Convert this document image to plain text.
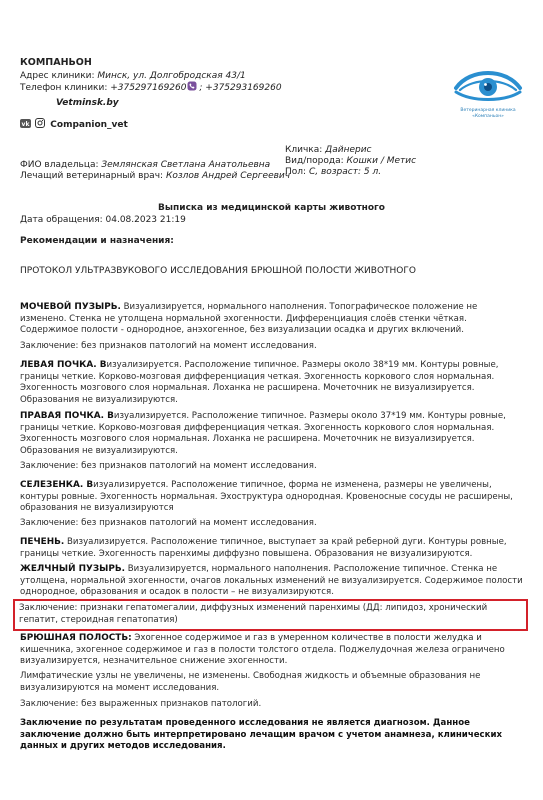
КОМПАНЬОН
Адрес клиники: Минск, ул. Долгобродская 43/1
Телефон клиники: +375297169260 ; +375293169260
Vetminsk.by
vk Companion_vet
Ветеринарная клиника
«Компаньон»
Кличка: Дайнерис
Вид/порода: Кошки / Метис
Пол: С, возраст: 5 л.
ФИО владельца: Землянская Светлана Анатольевна
Лечащий ветеринарный врач: Козлов Андрей Сергеевич
Выписка из медицинской карты животного
Дата обращения: 04.08.2023 21:19
Рекомендации и назначения:
ПРОТОКОЛ УЛЬТРАЗВУКОВОГО ИССЛЕДОВАНИЯ БРЮШНОЙ ПОЛОСТИ ЖИВОТНОГО
МОЧЕВОЙ ПУЗЫРЬ. Визуализируется, нормального наполнения. Топографическое положение не изменено. Стенка не утолщена нормальной эхогенности. Дифференциация слоёв стенки чёткая. Содержимое полости - однородное, анэхогенное, без визуализации осадка и других включений.
Заключение: без признаков патологий на момент исследования.
ЛЕВАЯ ПОЧКА. Визуализируется. Расположение типичное. Размеры около 38*19 мм. Контуры ровные, границы четкие. Корково-мозговая дифференциация четкая. Эхогенность коркового слоя нормальная. Эхогенность мозгового слоя нормальная. Лоханка не расширена. Мочеточник не визуализируется. Образования не визуализируются.
ПРАВАЯ ПОЧКА. Визуализируется. Расположение типичное. Размеры около 37*19 мм. Контуры ровные, границы четкие. Корково-мозговая дифференциация четкая. Эхогенность коркового слоя нормальная. Эхогенность мозгового слоя нормальная. Лоханка не расширена. Мочеточник не визуализируется. Образования не визуализируются.
Заключение: без признаков патологий на момент исследования.
СЕЛЕЗЕНКА. Визуализируется. Расположение типичное, форма не изменена, размеры не увеличены, контуры ровные. Эхогенность нормальная. Эхоструктура однородная. Кровеносные сосуды не расширены, образования не визуализируются
Заключение: без признаков патологий на момент исследования.
ПЕЧЕНЬ. Визуализируется. Расположение типичное, выступает за край реберной дуги. Контуры ровные, границы четкие. Эхогенность паренхимы диффузно повышена. Образования не визуализируются.
ЖЕЛЧНЫЙ ПУЗЫРЬ. Визуализируется, нормального наполнения. Расположение типичное. Стенка не утолщена, нормальной эхогенности, очагов локальных изменений не визуализируется. Содержимое полости однородное, образования и осадок в полости – не визуализируются.
Заключение: признаки гепатомегалии, диффузных изменений паренхимы (ДД: липидоз, хронический гепатит, стероидная гепатопатия)
БРЮШНАЯ ПОЛОСТЬ: Эхогенное содержимое и газ в умеренном количестве в полости желудка и кишечника, эхогенное содержимое и газ в полости толстого отдела. Поджелудочная железа ограничено визуализируется, незначительное снижение эхогенности.
Лимфатические узлы не увеличены, не изменены. Свободная жидкость и объемные образования не визуализируются на момент исследования.
Заключение: без выраженных признаков патологий.
Заключение по результатам проведенного исследования не является диагнозом. Данное заключение должно быть интерпретировано лечащим врачом с учетом анамнеза, клинических данных и других методов исследования.
